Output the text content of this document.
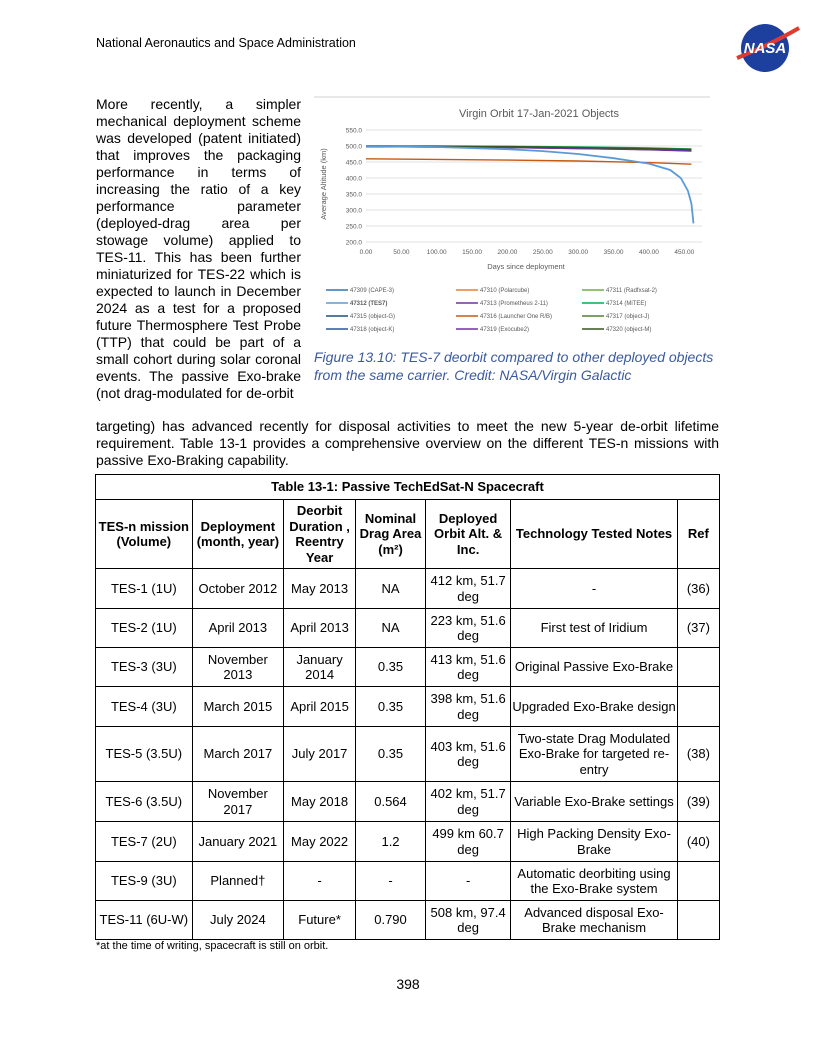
National Aeronautics and Space Administration	NASA
More recently, a simpler mechanical deployment scheme was developed (patent initiated) that improves the packaging performance in terms of increasing the ratio of a key performance parameter (deployed-drag area per stowage volume) applied to TES-11. This has been further miniaturized for TES-22 which is expected to launch in December 2024 as a test for a proposed future Thermosphere Test Probe (TTP) that could be part of a small cohort during solar coronal events. The passive Exo-brake (not drag-modulated for de-orbit
Virgin Orbit 17-Jan-2021 Objects
Average Altitude (km)
Days since deployment
200.0
250.0
300.0
350.0
400.0
450.0
500.0
550.0
0.00	50.00	100.00 150.00 200.00 250.00 300.00 350.00 400.00 450.00
47309 (CAPE-3)	47310 (Polarcube)	47311 (Radfxsat-2)
47312 (TES7)	47313 (Prometheus 2-11)	47314 (MiTEE)
47315 (object-G)	47316 (Launcher One R/B)	47317 (object-J)
47318 (object-K)	47319 (Exocube2)	47320 (object-M)
Figure 13.10: TES-7 deorbit compared to other deployed objects from the same carrier. Credit: NASA/Virgin Galactic
targeting) has advanced recently for disposal activities to meet the new 5-year de-orbit lifetime requirement. Table 13-1 provides a comprehensive overview on the different TES-n missions with passive Exo-Braking capability.
Table 13-1: Passive TechEdSat-N Spacecraft						
TES-n mission (Volume)	Deployment (month, year)	Deorbit Duration , Reentry Year	Nominal Drag Area (m²)	Deployed Orbit Alt. & Inc.	Technology Tested Notes	Ref
TES-1 (1U)	October 2012	May 2013	NA	412 km, 51.7 deg	-	(36)
TES-2 (1U)	April 2013	April 2013	NA	223 km, 51.6 deg	First test of Iridium	(37)
TES-3 (3U)	November 2013	January 2014	0.35	413 km, 51.6 deg	Original Passive Exo-Brake	
TES-4 (3U)	March 2015	April 2015	0.35	398 km, 51.6 deg	Upgraded Exo-Brake design	
TES-5 (3.5U)	March 2017	July 2017	0.35	403 km, 51.6 deg	Two-state Drag Modulated Exo-Brake for targeted re-entry	(38)
TES-6 (3.5U)	November 2017	May 2018	0.564	402 km, 51.7 deg	Variable Exo-Brake settings	(39)
TES-7 (2U)	January 2021	May 2022	1.2	499 km 60.7 deg	High Packing Density Exo-Brake	(40)
TES-9 (3U)	Planned†	-	-	-	Automatic deorbiting using the Exo-Brake system	
TES-11 (6U-W)	July 2024	Future*	0.790	508 km, 97.4 deg	Advanced disposal Exo-Brake mechanism	
*at the time of writing, spacecraft is still on orbit.
398
